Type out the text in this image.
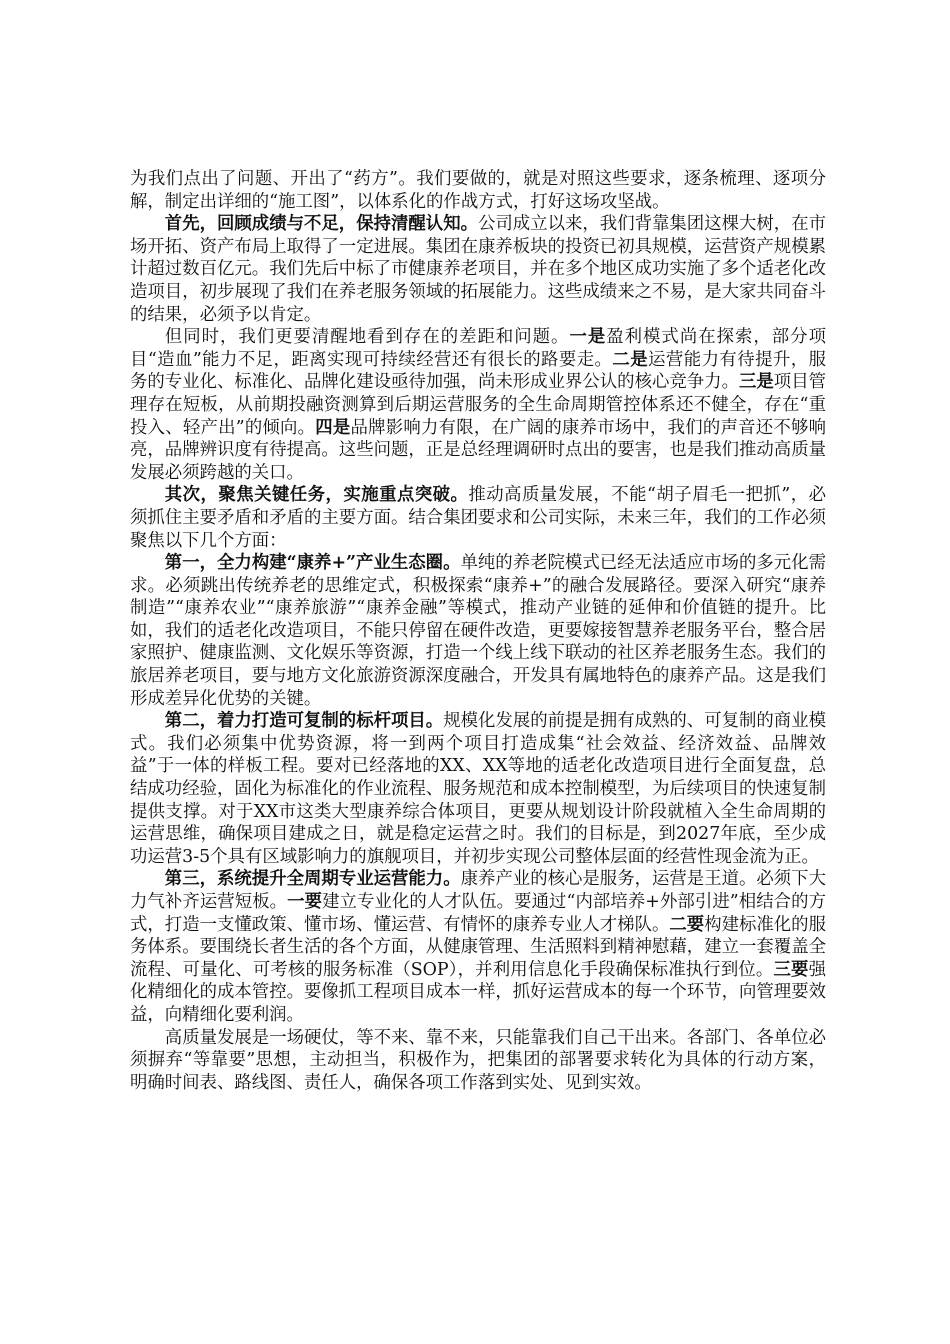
为我们点出了问题、开出了“药方”。我们要做的，就是对照这些要求，逐条梳理、逐项分解，制定出详细的“施工图”，以体系化的作战方式，打好这场攻坚战。

首先，回顾成绩与不足，保持清醒认知。公司成立以来，我们背靠集团这棵大树，在市场开拓、资产布局上取得了一定进展。集团在康养板块的投资已初具规模，运营资产规模累计超过数百亿元。我们先后中标了市健康养老项目，并在多个地区成功实施了多个适老化改造项目，初步展现了我们在养老服务领域的拓展能力。这些成绩来之不易，是大家共同奋斗的结果，必须予以肯定。

但同时，我们更要清醒地看到存在的差距和问题。一是盈利模式尚在探索，部分项目“造血”能力不足，距离实现可持续经营还有很长的路要走。二是运营能力有待提升，服务的专业化、标准化、品牌化建设亟待加强，尚未形成业界公认的核心竞争力。三是项目管理存在短板，从前期投融资测算到后期运营服务的全生命周期管控体系还不健全，存在“重投入、轻产出”的倾向。四是品牌影响力有限，在广阔的康养市场中，我们的声音还不够响亮，品牌辨识度有待提高。这些问题，正是总经理调研时点出的要害，也是我们推动高质量发展必须跨越的关口。

其次，聚焦关键任务，实施重点突破。推动高质量发展，不能“胡子眉毛一把抓”，必须抓住主要矛盾和矛盾的主要方面。结合集团要求和公司实际，未来三年，我们的工作必须聚焦以下几个方面：

第一，全力构建“康养+”产业生态圈。单纯的养老院模式已经无法适应市场的多元化需求。必须跳出传统养老的思维定式，积极探索“康养+”的融合发展路径。要深入研究“康养制造”“康养农业”“康养旅游”“康养金融”等模式，推动产业链的延伸和价值链的提升。比如，我们的适老化改造项目，不能只停留在硬件改造，更要嫁接智慧养老服务平台，整合居家照护、健康监测、文化娱乐等资源，打造一个线上线下联动的社区养老服务生态。我们的旅居养老项目，要与地方文化旅游资源深度融合，开发具有属地特色的康养产品。这是我们形成差异化优势的关键。

第二，着力打造可复制的标杆项目。规模化发展的前提是拥有成熟的、可复制的商业模式。我们必须集中优势资源，将一到两个项目打造成集“社会效益、经济效益、品牌效益”于一体的样板工程。要对已经落地的XX、XX等地的适老化改造项目进行全面复盘，总结成功经验，固化为标准化的作业流程、服务规范和成本控制模型，为后续项目的快速复制提供支撑。对于XX市这类大型康养综合体项目，更要从规划设计阶段就植入全生命周期的运营思维，确保项目建成之日，就是稳定运营之时。我们的目标是，到2027年底，至少成功运营3-5个具有区域影响力的旗舰项目，并初步实现公司整体层面的经营性现金流为正。

第三，系统提升全周期专业运营能力。康养产业的核心是服务，运营是王道。必须下大力气补齐运营短板。一要建立专业化的人才队伍。要通过“内部培养+外部引进”相结合的方式，打造一支懂政策、懂市场、懂运营、有情怀的康养专业人才梯队。二要构建标准化的服务体系。要围绕长者生活的各个方面，从健康管理、生活照料到精神慰藉，建立一套覆盖全流程、可量化、可考核的服务标准（SOP），并利用信息化手段确保标准执行到位。三要强化精细化的成本管控。要像抓工程项目成本一样，抓好运营成本的每一个环节，向管理要效益，向精细化要利润。

高质量发展是一场硬仗，等不来、靠不来，只能靠我们自己干出来。各部门、各单位必须摒弃“等靠要”思想，主动担当，积极作为，把集团的部署要求转化为具体的行动方案，明确时间表、路线图、责任人，确保各项工作落到实处、见到实效。
